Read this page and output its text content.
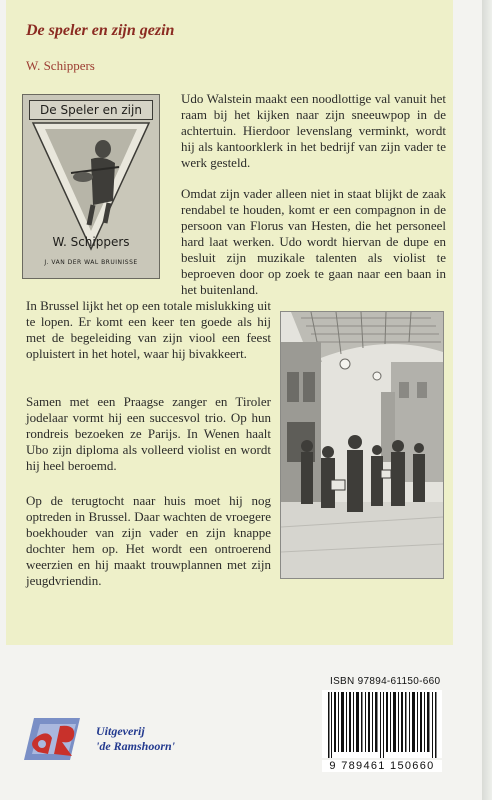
De speler en zijn gezin

W. Schippers

De Speler en zijn
W. Schippers
J. VAN DER WAL BRUINISSE

Udo Walstein maakt een noodlottige val vanuit het raam bij het kijken naar zijn sneeuwpop in de achtertuin. Hierdoor levenslang verminkt, wordt hij als kantoorklerk in het bedrijf van zijn vader te werk gesteld.

Omdat zijn vader alleen niet in staat blijkt de zaak rendabel te houden, komt er een compagnon in de persoon van Florus van Hesten, die het personeel hard laat werken. Udo wordt hiervan de dupe en besluit zijn muzikale talenten als violist te beproeven door op zoek te gaan naar een baan in het buitenland.

In Brussel lijkt het op een totale mislukking uit te lopen. Er komt een keer ten goede als hij met de begeleiding van zijn viool een feest opluistert in het hotel, waar hij bivakkeert.

Samen met een Praagse zanger en Tiroler jodelaar vormt hij een succesvol trio. Op hun rondreis bezoeken ze Parijs. In Wenen haalt Ubo zijn diploma als volleerd violist en wordt hij heel beroemd.

Op de terugtocht naar huis moet hij nog optreden in Brussel. Daar wachten de vroegere boekhouder van zijn vader en zijn knappe dochter hem op. Het wordt een ontroerend weerzien en hij maakt trouwplannen met zijn jeugdvriendin.

ISBN 97894-61150-660
9 789461 150660
Uitgeverij
'de Ramshoorn'
